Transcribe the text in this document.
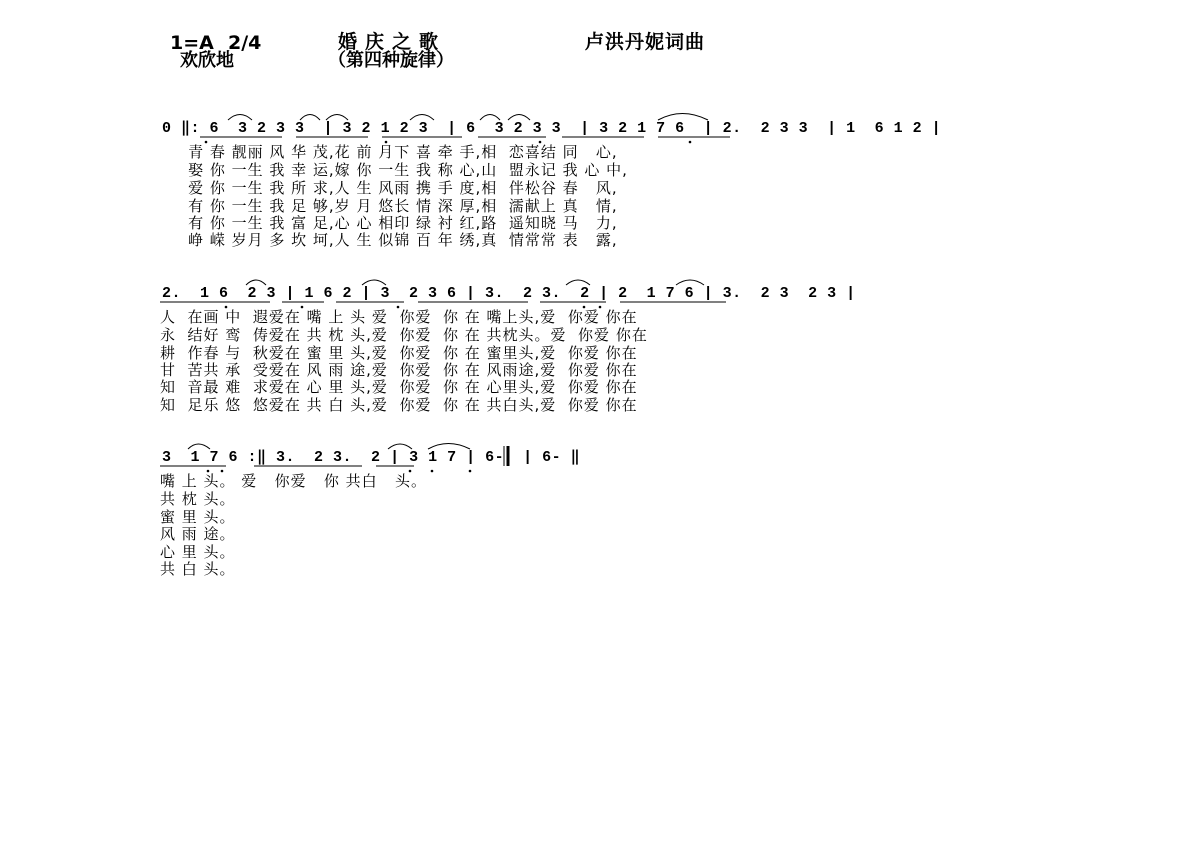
1=A 2/4	婚庆之歌	卢洪丹妮词曲
欢欣地	（第四种旋律）
0 ‖: 6  3 2 3 3  | 3 2 1 2 3  | 6  3 2 3 3  | 3 2 1 7 6  | 2.  2 3 3  | 1  6 1 2 |
青 春 靓丽 风 华 茂,花 前 月下 喜 牵 手,相  恋喜结 同   心,
娶 你 一生 我 幸 运,嫁 你 一生 我 称 心,山  盟永记 我 心 中,
爱 你 一生 我 所 求,人 生 风雨 携 手 度,相  伴松谷 春   风,
有 你 一生 我 足 够,岁 月 悠长 情 深 厚,相  濡献上 真   情,
有 你 一生 我 富 足,心 心 相印 绿 衬 红,路  遥知晓 马   力,
峥 嵘 岁月 多 坎 坷,人 生 似锦 百 年 绣,真  情常常 表   露,
2.  1 6  2 3 | 1 6 2 | 3  2 3 6 | 3.  2 3.  2 | 2  1 7 6 | 3.  2 3  2 3 |
人  在画 中  遐爱在 嘴 上 头 爱  你爱  你 在 嘴上头,爱  你爱 你在
永  结好 鸾  俦爱在 共 枕 头,爱  你爱  你 在 共枕头。爱  你爱 你在
耕  作春 与  秋爱在 蜜 里 头,爱  你爱  你 在 蜜里头,爱  你爱 你在
甘  苦共 承  受爱在 风 雨 途,爱  你爱  你 在 风雨途,爱  你爱 你在
知  音最 难  求爱在 心 里 头,爱  你爱  你 在 心里头,爱  你爱 你在
知  足乐 悠  悠爱在 共 白 头,爱  你爱  你 在 共白头,爱  你爱 你在
3  1 7 6 :‖ 3.  2 3.  2 | 3 1 7 | 6-  | 6- ‖
嘴 上 头。 爱   你爱   你 共白   头。
共 枕 头。
蜜 里 头。
风 雨 途。
心 里 头。
共 白 头。
